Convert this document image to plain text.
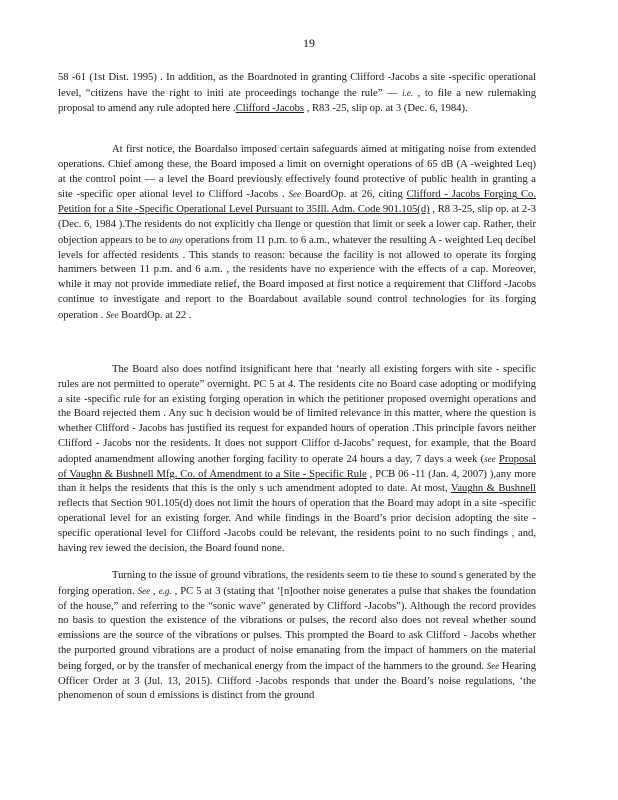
19

58 -61 (1st Dist. 1995) . In addition, as the Boardnoted in granting Clifford -Jacobs a site -specific operational level, “citizens have the right to initi ate proceedings tochange the rule” — i.e. , to file a new rulemaking proposal to amend any rule adopted here .Clifford -Jacobs , R83 -25, slip op. at 3 (Dec. 6, 1984).

At first notice, the Boardalso imposed certain safeguards aimed at mitigating noise from extended operations. Chief among these, the Board imposed a limit on overnight operations of 65 dB (A -weighted Leq) at the control point — a level the Board previously effectively found protective of public health in granting a site -specific oper ational level to Clifford -Jacobs . See BoardOp. at 26, citing Clifford - Jacobs Forging Co. Petition for a Site -Specific Operational Level Pursuant to 35Ill. Adm. Code 901.105(d) , R8 3-25, slip op. at 2-3 (Dec. 6, 1984 ).The residents do not explicitly cha llenge or question that limit or seek a lower cap. Rather, their objection appears to be to any operations from 11 p.m. to 6 a.m., whatever the resulting A - weighted Leq decibel levels for affected residents . This stands to reason: because the facility is not allowed to operate its forging hammers between 11 p.m. and 6 a.m. , the residents have no experience with the effects of a cap. Moreover, while it may not provide immediate relief, the Board imposed at first notice a requirement that Clifford -Jacobs continue to investigate and report to the Boardabout available sound control technologies for its forging operation . See BoardOp. at 22 .

The Board also does notfind itsignificant here that ‘nearly all existing forgers with site - specific rules are not permitted to operate” overnight. PC 5 at 4. The residents cite no Board case adopting or modifying a site -specific rule for an existing forging operation in which the petitioner proposed overnight operations and the Board rejected them . Any suc h decision would be of limited relevance in this matter, where the question is whether Clifford - Jacobs has justified its request for expanded hours of operation .This principle favors neither Clifford - Jacobs nor the residents. It does not support Cliffor d-Jacobs’ request, for example, that the Board adopted anamendment allowing another forging facility to operate 24 hours a day, 7 days a week (see Proposal of Vaughn & Bushnell Mfg. Co. of Amendment to a Site - Specific Rule , PCB 06 -11 (Jan. 4, 2007) ),any more than it helps the residents that this is the only s uch amendment adopted to date. At most, Vaughn & Bushnell reflects that Section 901.105(d) does not limit the hours of operation that the Board may adopt in a site -specific operational level for an existing forger. And while findings in the Board’s prior decision adopting the site - specific operational level for Clifford -Jacobs could be relevant, the residents point to no such findings , and, having rev iewed the decision, the Board found none.

Turning to the issue of ground vibrations, the residents seem to tie these to sound s generated by the forging operation. See , e.g. , PC 5 at 3 (stating that ‘[n]oother noise generates a pulse that shakes the foundation of the house,” and referring to the “sonic wave” generated by Clifford -Jacobs”). Although the record provides no basis to question the existence of the vibrations or pulses, the record also does not reveal whether sound emissions are the source of the vibrations or pulses. This prompted the Board to ask Clifford - Jacobs whether the purported ground vibrations are a product of noise emanating from the impact of hammers on the material being forged, or by the transfer of mechanical energy from the impact of the hammers to the ground. See Hearing Officer Order at 3 (Jul. 13, 2015). Clifford -Jacobs responds that under the Board’s noise regulations, ‘the phenomenon of soun d emissions is distinct from the ground
